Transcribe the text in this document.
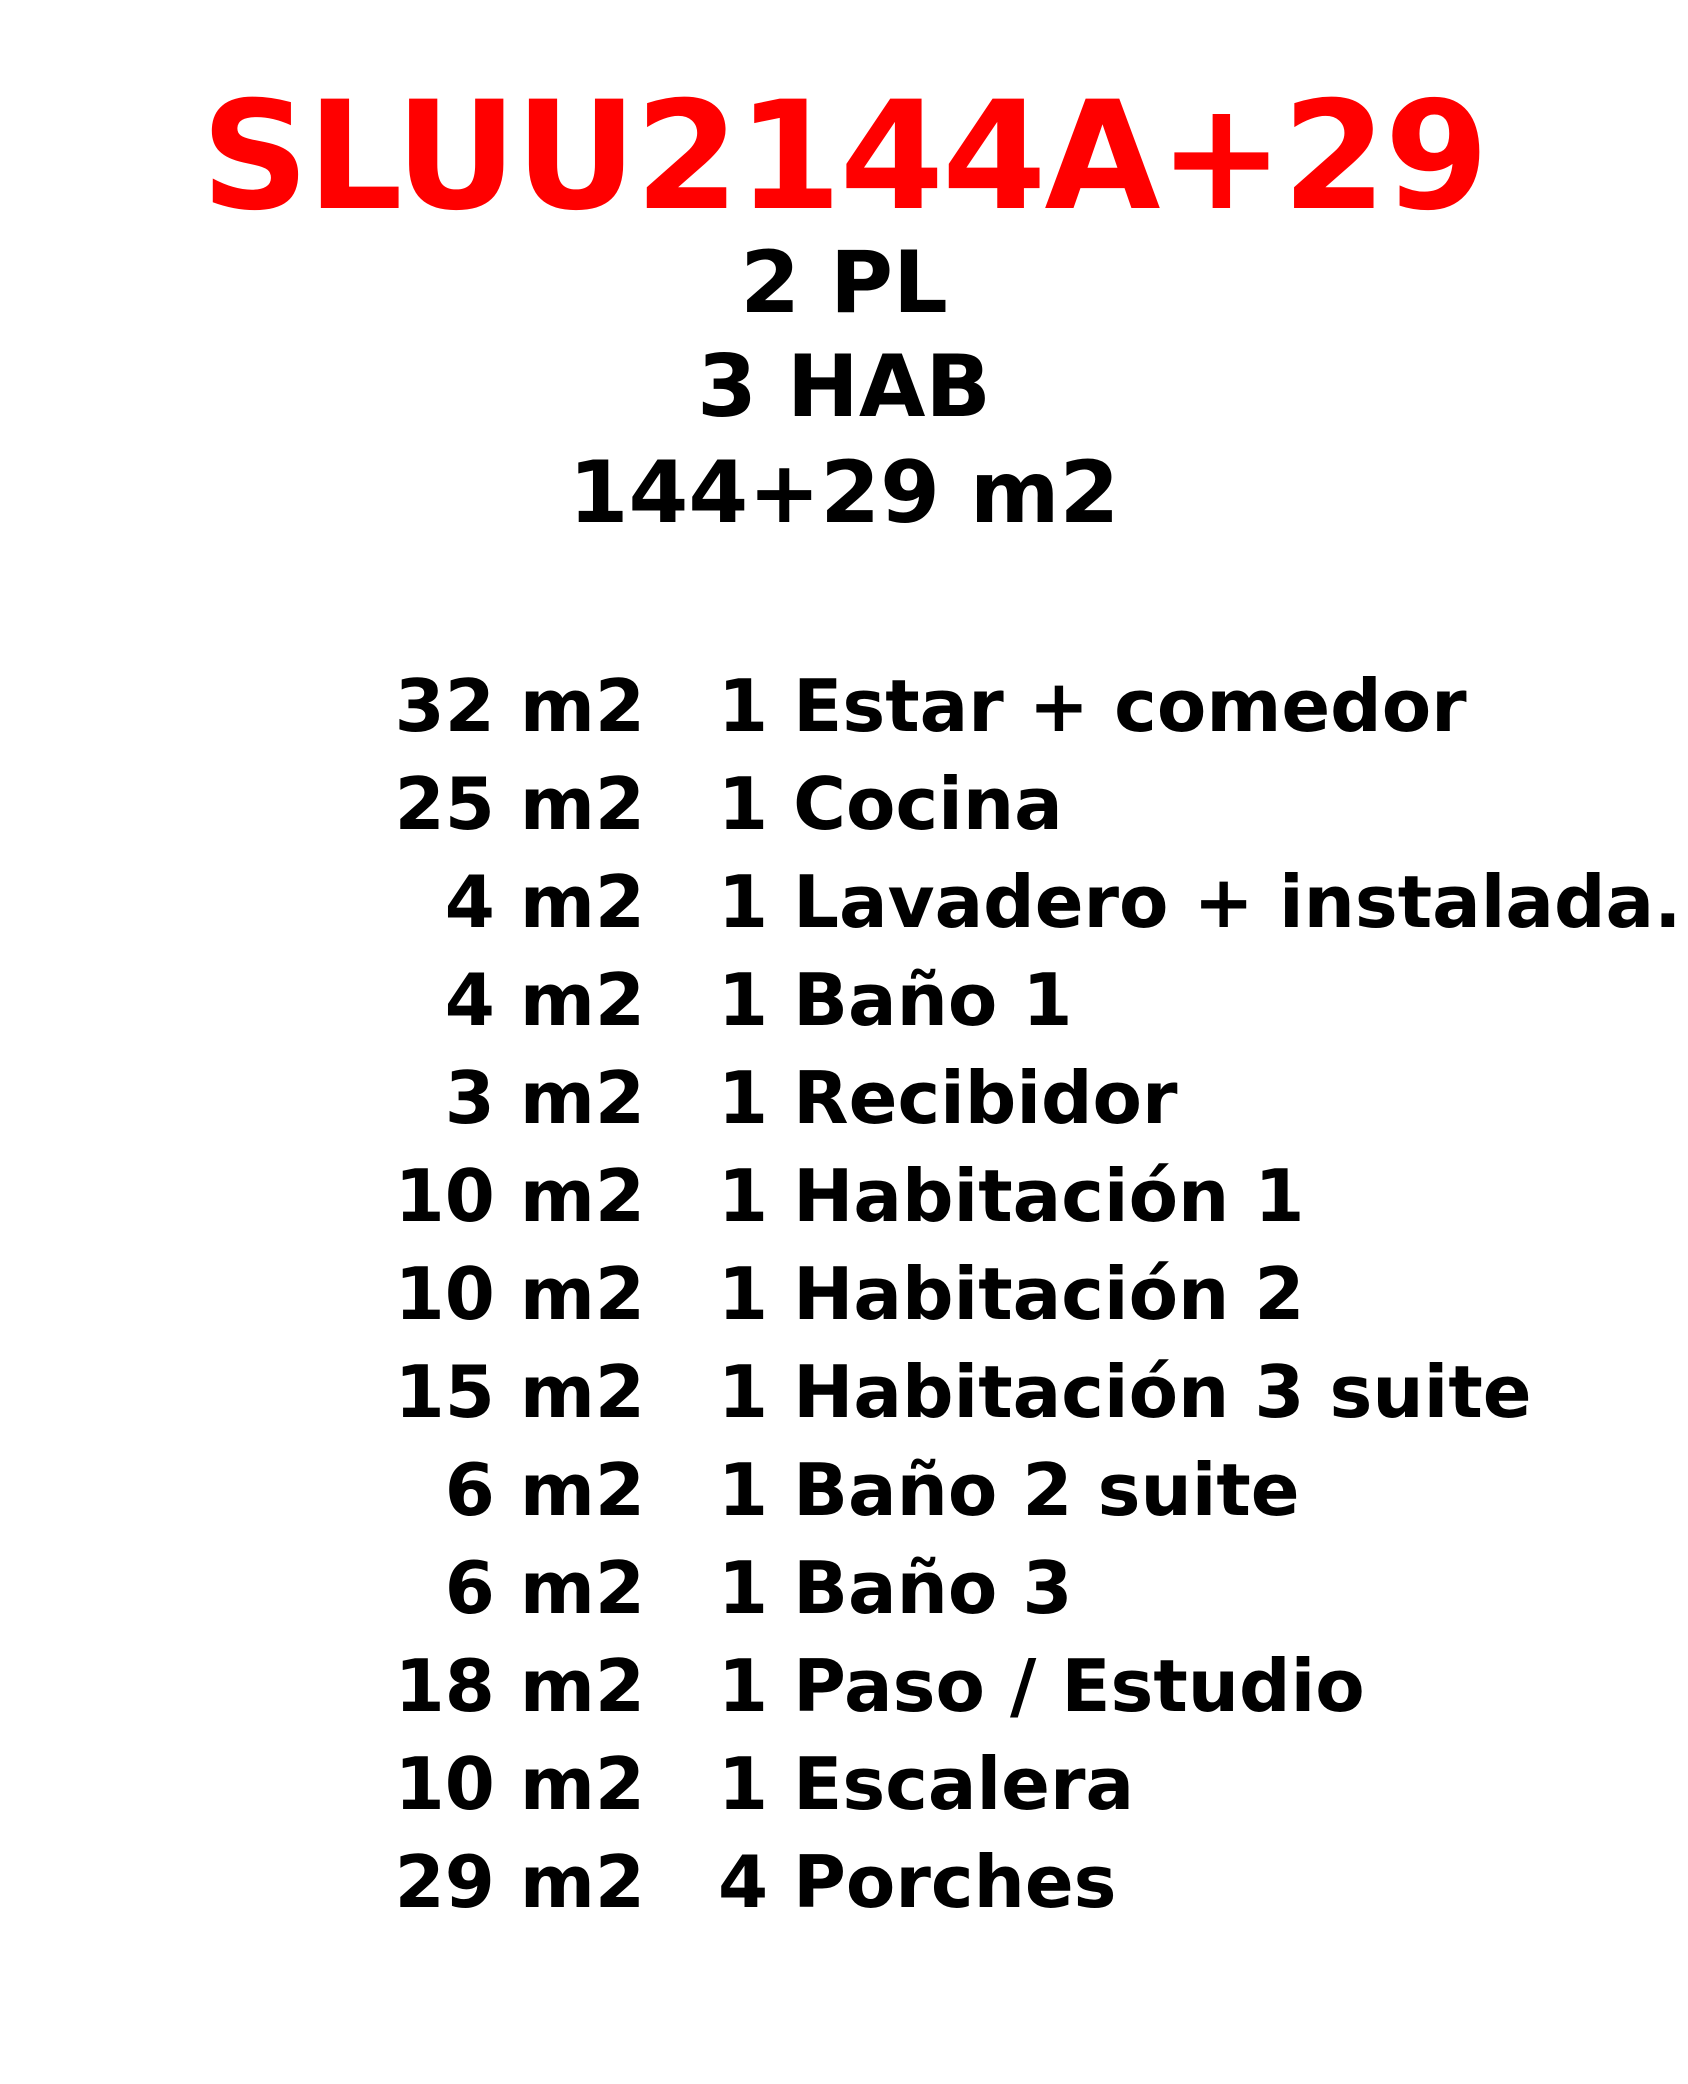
SLUU2144A+29
2 PL
3 HAB
144+29 m2
32 m2 1 Estar + comedor
25 m2 1 Cocina
4 m2 1 Lavadero + instalada.
4 m2 1 Baño 1
3 m2 1 Recibidor
10 m2 1 Habitación 1
10 m2 1 Habitación 2
15 m2 1 Habitación 3 suite
6 m2 1 Baño 2 suite
6 m2 1 Baño 3
18 m2 1 Paso / Estudio
10 m2 1 Escalera
29 m2 4 Porches
